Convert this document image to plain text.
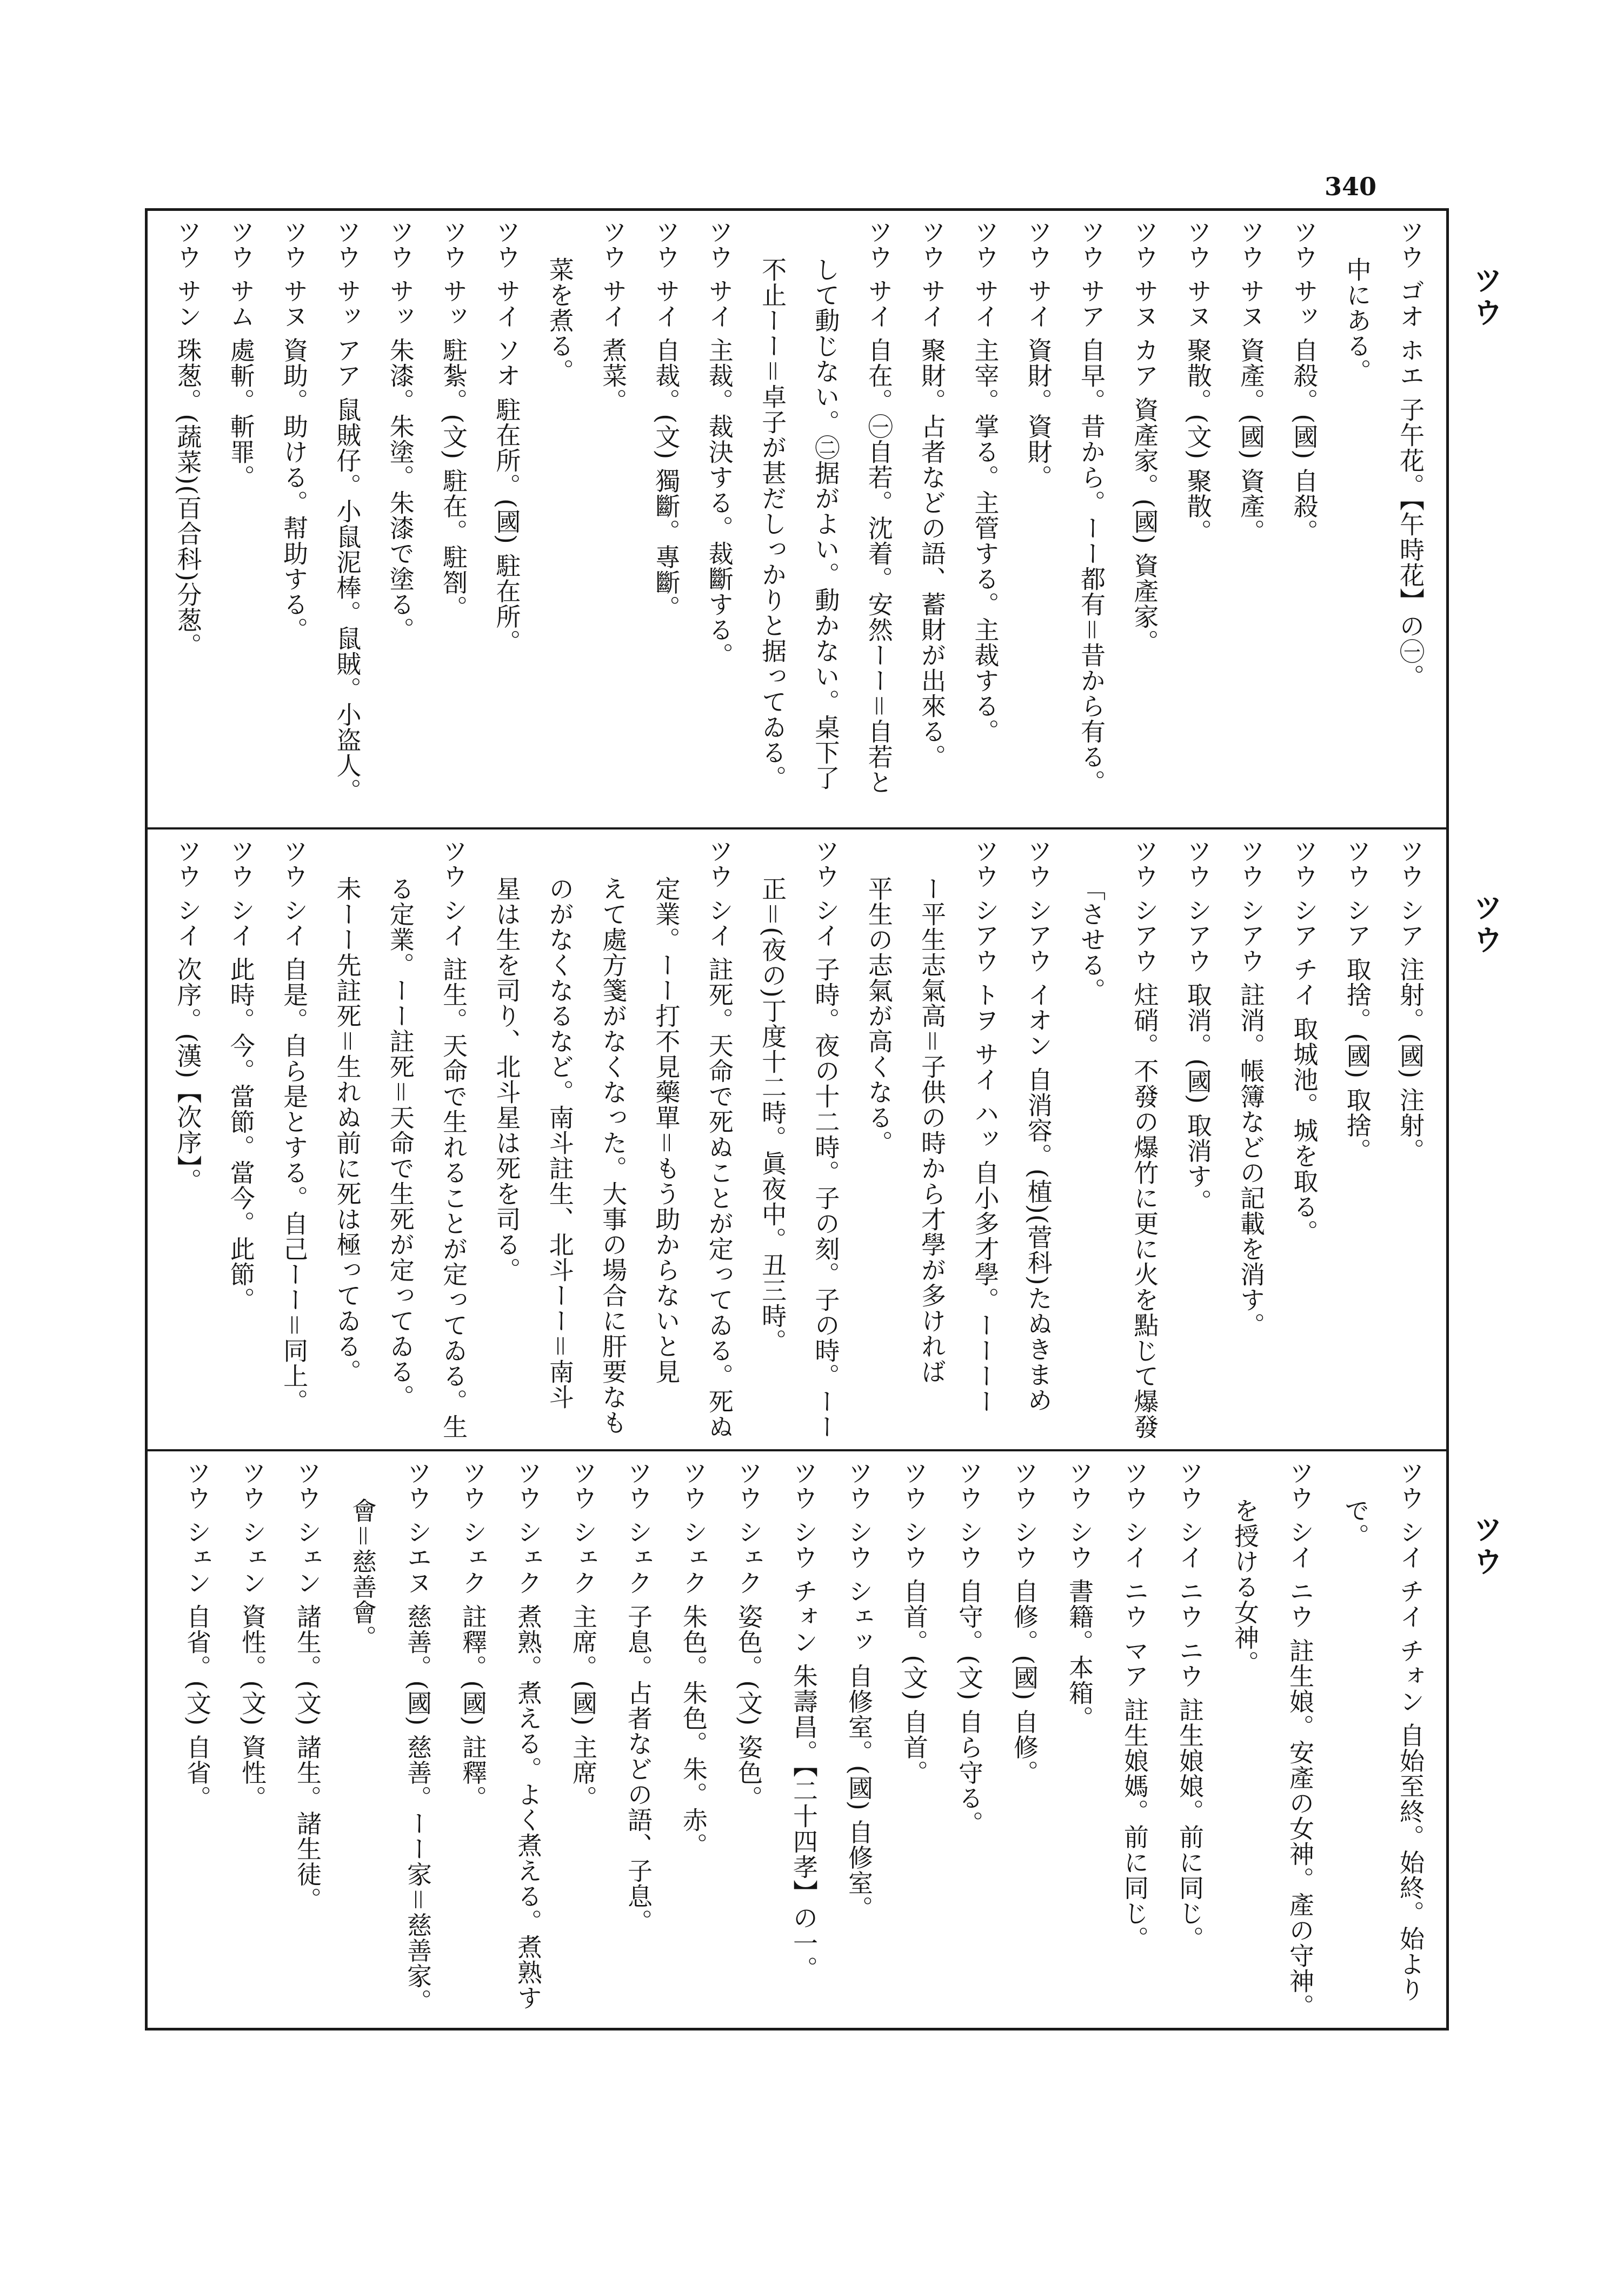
340
ツウ
ツウ
ツウ
ツウ ゴオ ホエ 子午花。【午時花】の㊀。
中にある。
ツウ サッ 自殺。(國) 自殺。
ツウ サヌ 資產。(國) 資產。
ツウ サヌ 聚散。(文) 聚散。
ツウ サヌ カア 資產家。(國) 資產家。
ツウ サア 自早。昔から。ーー都有＝昔から有る。
ツウ サイ 資財。資財。
ツウ サイ 主宰。掌る。主管する。主裁する。
ツウ サイ 聚財。占者などの語、蓄財が出來る。
ツウ サイ 自在。㊀自若。沈着。安然ーー＝自若と
して動じない。㊁据がよい。動かない。桌下了
不止ーー＝卓子が甚だしっかりと据ってゐる。
ツウ サイ 主裁。裁決する。裁斷する。
ツウ サイ 自裁。(文) 獨斷。專斷。
ツウ サイ 煮菜。
菜を煮る。
ツウ サイ ソオ 駐在所。(國) 駐在所。
ツウ サッ 駐紮。(文) 駐在。駐劄。
ツウ サッ 朱漆。朱塗。朱漆で塗る。
ツウ サッ アア 鼠賊仔。小鼠泥棒。鼠賊。小盗人。
ツウ サヌ 資助。助ける。幇助する。
ツウ サム 處斬。斬罪。
ツウ サン 珠葱。(蔬菜)(百合科)分葱。
ツウ シア 注射。(國) 注射。
ツウ シア 取捨。(國) 取捨。
ツウ シア チイ 取城池。城を取る。
ツウ シアウ 註消。帳簿などの記載を消す。
ツウ シアウ 取消。(國) 取消す。
ツウ シアウ 炷硝。不發の爆竹に更に火を點じて爆發
「させる。
ツウ シアウ イオン 自消容。(植)(菅科)たぬきまめ
ツウ シアウ トヲ サイ ハッ 自小多才學。ーーーー
ー平生志氣高＝子供の時から才學が多ければ
平生の志氣が高くなる。
ツウ シイ 子時。夜の十二時。子の刻。子の時。ーー
正＝(夜の)丁度十二時。眞夜中。丑三時。
ツウ シイ 註死。天命で死ぬことが定ってゐる。死ぬ
定業。ーー打不見藥單＝もう助からないと見
えて處方箋がなくなった。大事の場合に肝要なも
のがなくなるなど。南斗註生、北斗ーー＝南斗
星は生を司り、北斗星は死を司る。
ツウ シイ 註生。天命で生れることが定ってゐる。生
る定業。ーー註死＝天命で生死が定ってゐる。
未ーー先註死＝生れぬ前に死は極ってゐる。
ツウ シイ 自是。自ら是とする。自己ーー＝同上。
ツウ シイ 此時。今。當節。當今。此節。
ツウ シイ 次序。(漢)【次序】。
ツウ シイ チイ チォン 自始至終。始終。始より
で。
ツウ シイ ニウ 註生娘。安產の女神。產の守神。
を授ける女神。
ツウ シイ ニウ ニウ 註生娘娘。前に同じ。
ツウ シイ ニウ マア 註生娘媽。前に同じ。
ツウ シウ 書籍。本箱。
ツウ シウ 自修。(國) 自修。
ツウ シウ 自守。(文) 自ら守る。
ツウ シウ 自首。(文) 自首。
ツウ シウ シェッ 自修室。(國) 自修室。
ツウ シウ チォン 朱壽昌。【二十四孝】の一。
ツウ シェク 姿色。(文) 姿色。
ツウ シェク 朱色。朱色。朱。赤。
ツウ シェク 子息。占者などの語、子息。
ツウ シェク 主席。(國) 主席。
ツウ シェク 煮熟。煮える。よく煮える。煮熟す
ツウ シェク 註釋。(國) 註釋。
ツウ シエヌ 慈善。(國) 慈善。ーー家＝慈善家。
會＝慈善會。
ツウ シェン 諸生。(文) 諸生。諸生徒。
ツウ シェン 資性。(文) 資性。
ツウ シェン 自省。(文) 自省。
